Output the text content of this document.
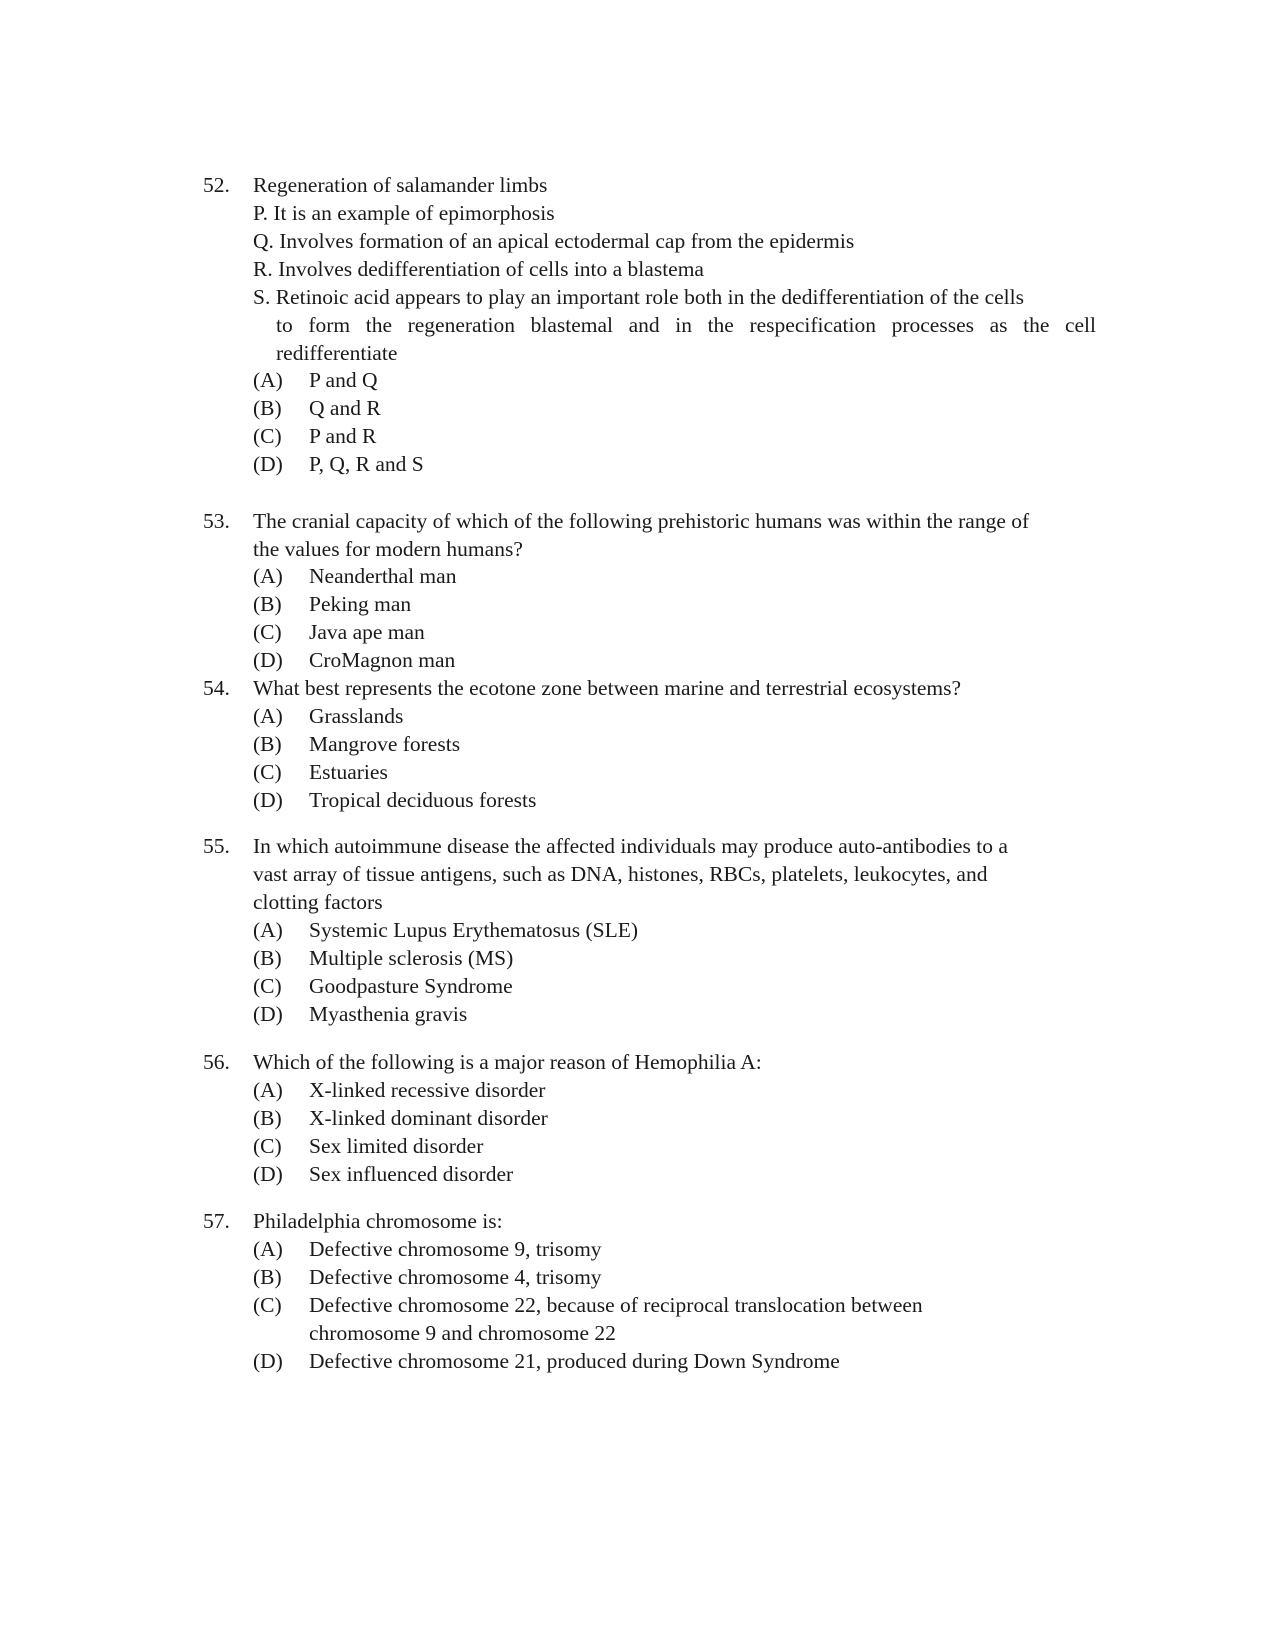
52. Regeneration of salamander limbs
P. It is an example of epimorphosis
Q. Involves formation of an apical ectodermal cap from the epidermis
R. Involves dedifferentiation of cells into a blastema
S. Retinoic acid appears to play an important role both in the dedifferentiation of the cells
to form the regeneration blastemal and in the respecification processes as the cell
redifferentiate
(A) P and Q
(B) Q and R
(C) P and R
(D) P, Q, R and S
53. The cranial capacity of which of the following prehistoric humans was within the range of
the values for modern humans?
(A) Neanderthal man
(B) Peking man
(C) Java ape man
(D) CroMagnon man
54. What best represents the ecotone zone between marine and terrestrial ecosystems?
(A) Grasslands
(B) Mangrove forests
(C) Estuaries
(D) Tropical deciduous forests
55. In which autoimmune disease the affected individuals may produce auto-antibodies to a
vast array of tissue antigens, such as DNA, histones, RBCs, platelets, leukocytes, and
clotting factors
(A) Systemic Lupus Erythematosus (SLE)
(B) Multiple sclerosis (MS)
(C) Goodpasture Syndrome
(D) Myasthenia gravis
56. Which of the following is a major reason of Hemophilia A:
(A) X-linked recessive disorder
(B) X-linked dominant disorder
(C) Sex limited disorder
(D) Sex influenced disorder
57. Philadelphia chromosome is:
(A) Defective chromosome 9, trisomy
(B) Defective chromosome 4, trisomy
(C) Defective chromosome 22, because of reciprocal translocation between
chromosome 9 and chromosome 22
(D) Defective chromosome 21, produced during Down Syndrome
